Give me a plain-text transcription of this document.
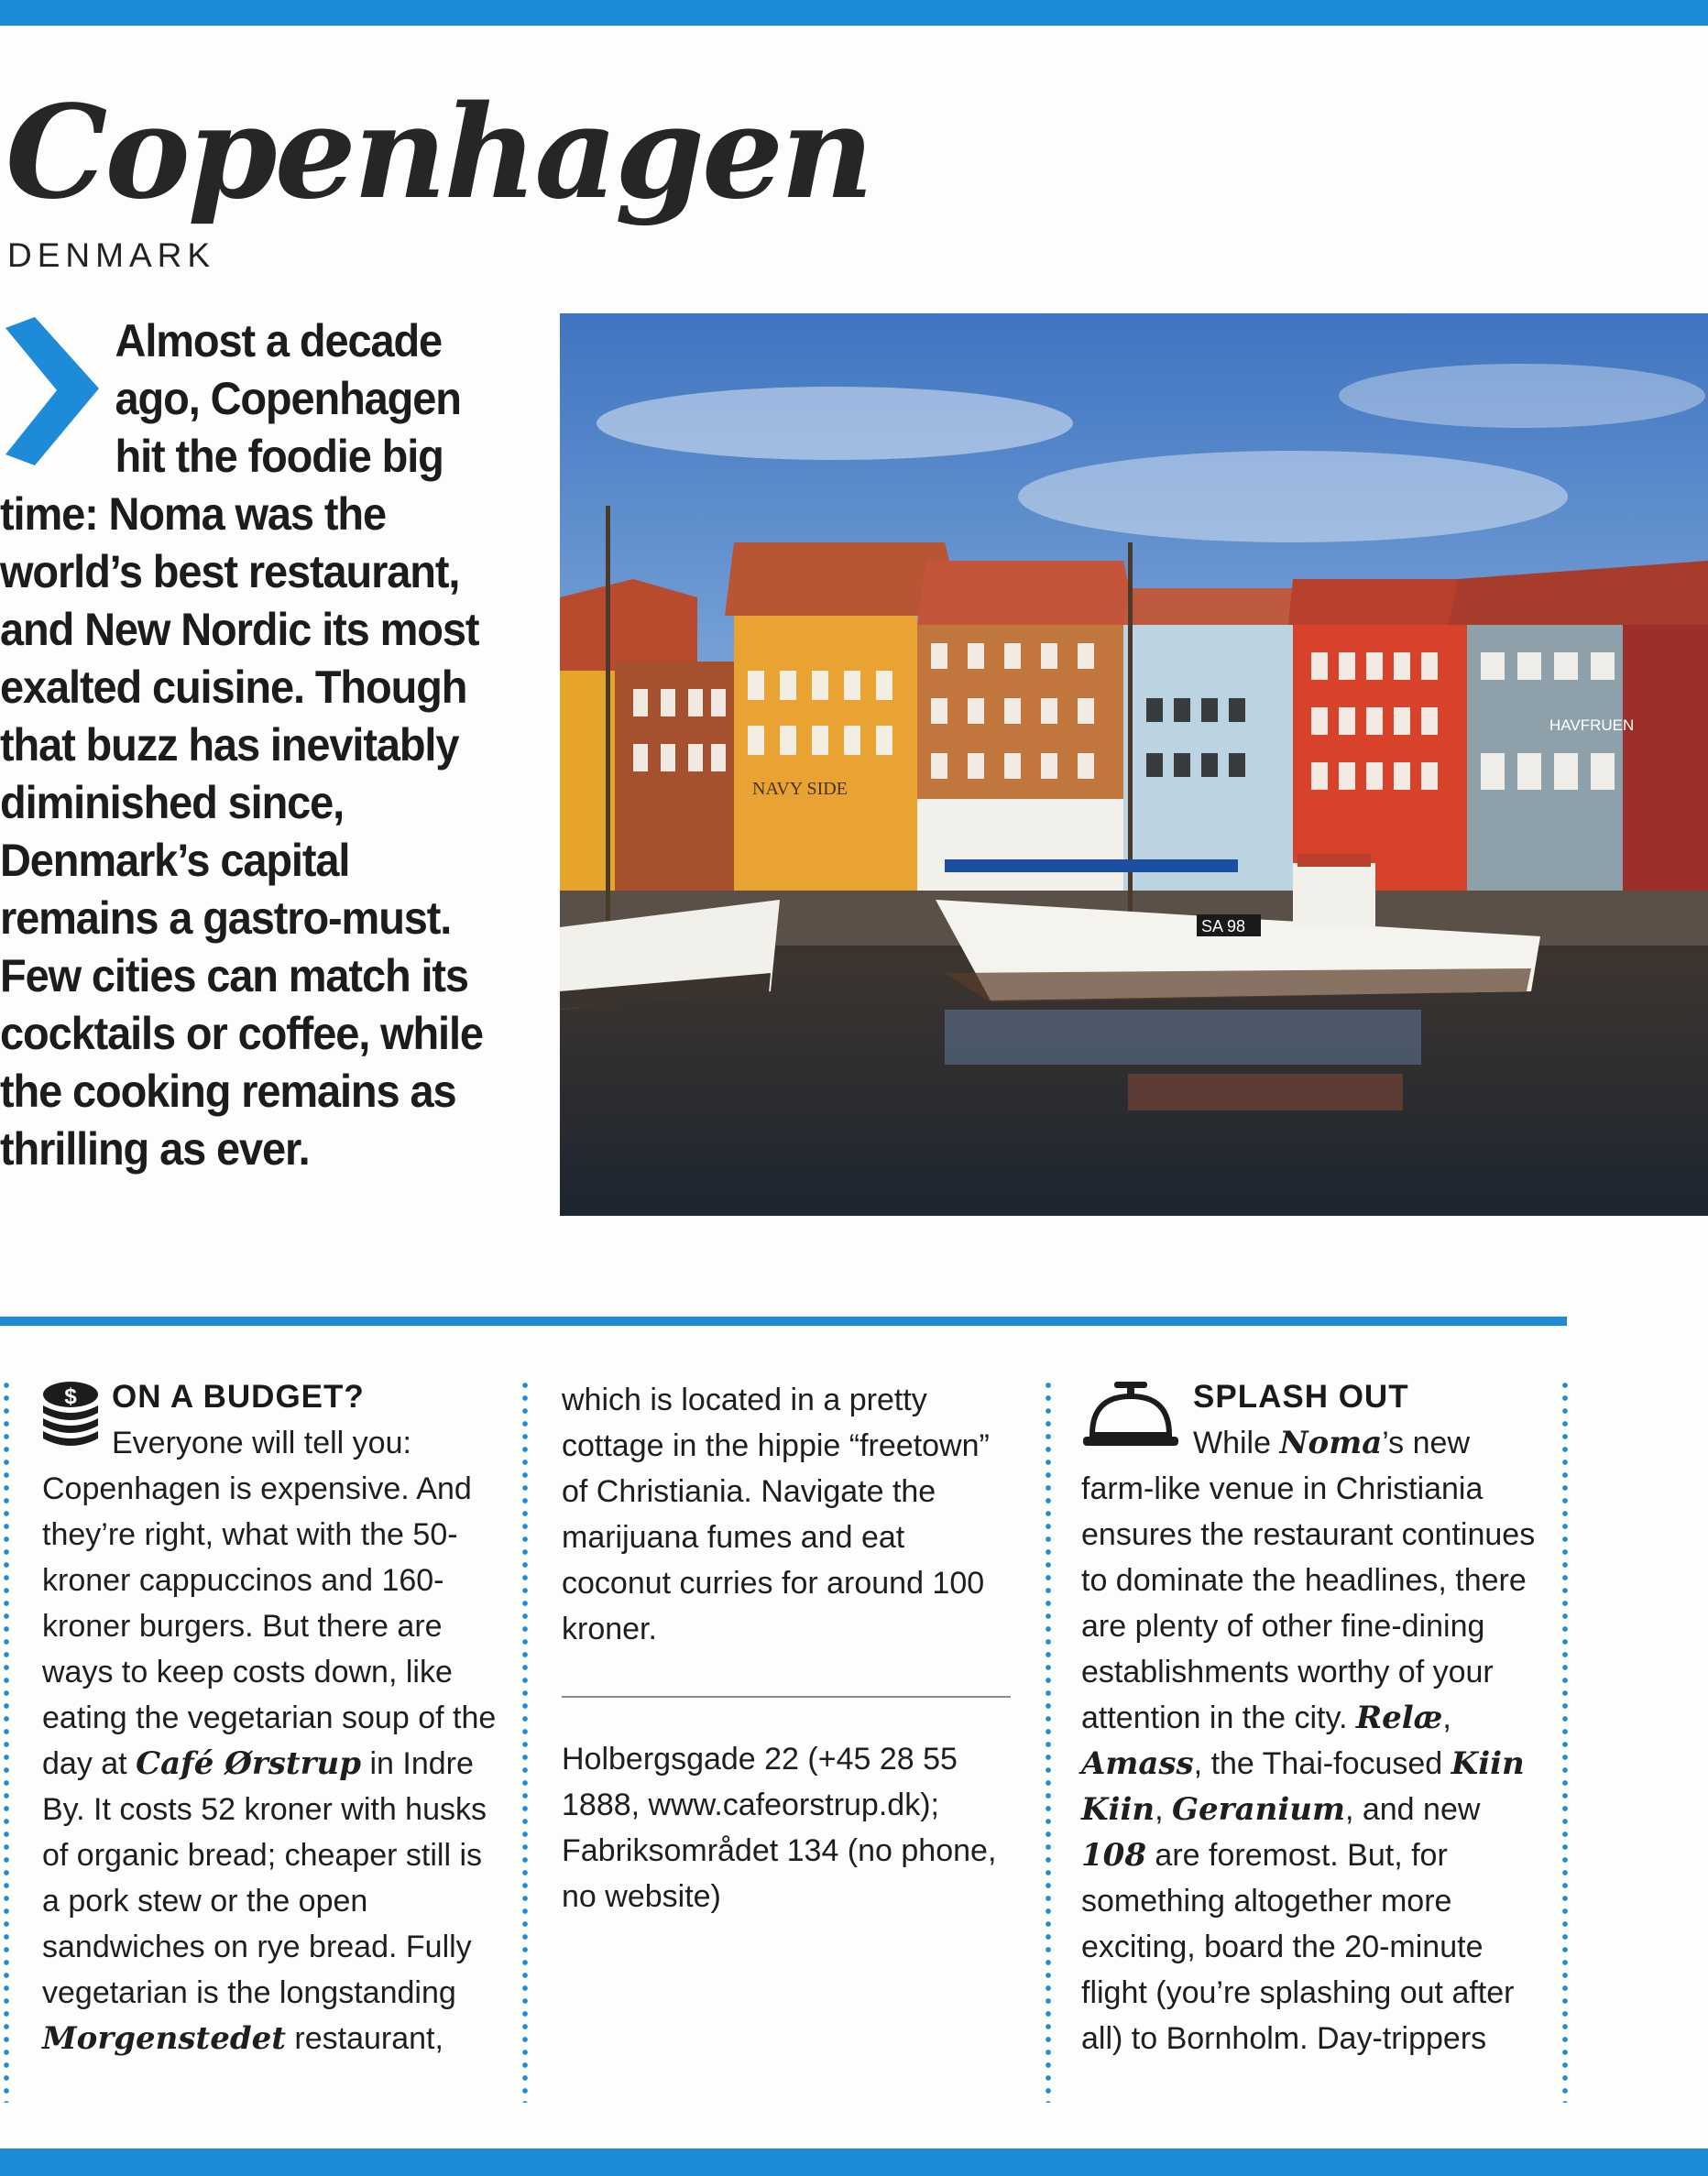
Copenhagen
DENMARK
Almost a decade ago, Copenhagen hit the foodie big time: Noma was the world’s best restaurant, and New Nordic its most exalted cuisine. Though that buzz has inevitably diminished since, Denmark’s capital remains a gastro-must. Few cities can match its cocktails or coffee, while the cooking remains as thrilling as ever.
NAVY SIDE
HAVFRUEN
SA 98
$	ON A BUDGET?

Everyone will tell you: Copenhagen is expensive. And they’re right, what with the 50-kroner cappuccinos and 160-kroner burgers. But there are ways to keep costs down, like eating the vegetarian soup of the day at Café Ørstrup in Indre By. It costs 52 kroner with husks of organic bread; cheaper still is a pork stew or the open sandwiches on rye bread. Fully vegetarian is the longstanding Morgenstedet restaurant,

which is located in a pretty cottage in the hippie “freetown” of Christiania. Navigate the marijuana fumes and eat coconut curries for around 100 kroner.

Holbergsgade 22 (+45 28 55 1888, www.cafeorstrup.dk); Fabriksområdet 134 (no phone, no website)

SPLASH OUT

While Noma’s new farm-like venue in Christiania ensures the restaurant continues to dominate the headlines, there are plenty of other fine-dining establishments worthy of your attention in the city. Relæ, Amass, the Thai-focused Kiin Kiin, Geranium, and new 108 are foremost. But, for something altogether more exciting, board the 20-minute flight (you’re splashing out after all) to Bornholm. Day-trippers
